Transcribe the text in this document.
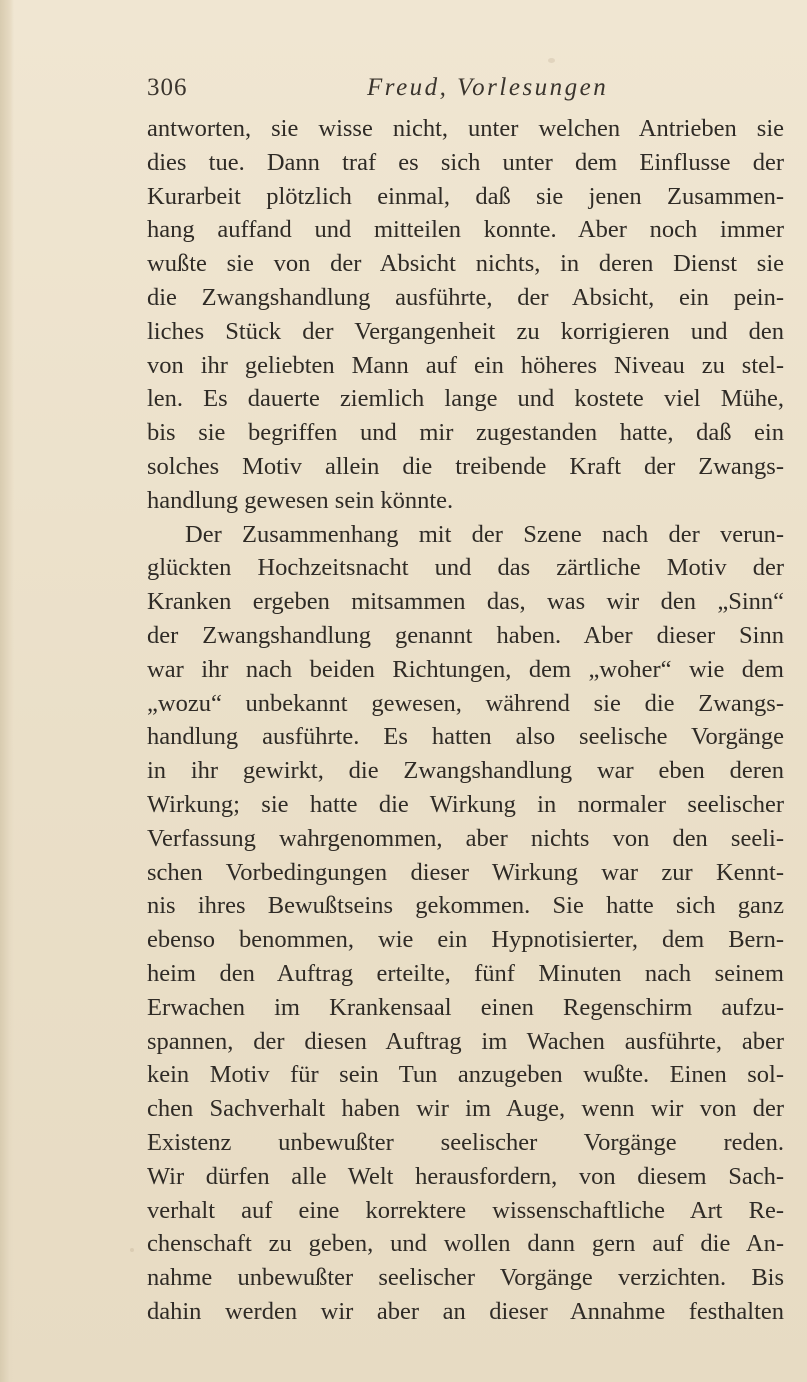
306	Freud, Vorlesungen
antworten, sie wisse nicht, unter welchen Antrieben sie
dies tue. Dann traf es sich unter dem Einflusse der
Kurarbeit plötzlich einmal, daß sie jenen Zusammen-
hang auffand und mitteilen konnte. Aber noch immer
wußte sie von der Absicht nichts, in deren Dienst sie
die Zwangshandlung ausführte, der Absicht, ein pein-
liches Stück der Vergangenheit zu korrigieren und den
von ihr geliebten Mann auf ein höheres Niveau zu stel-
len. Es dauerte ziemlich lange und kostete viel Mühe,
bis sie begriffen und mir zugestanden hatte, daß ein
solches Motiv allein die treibende Kraft der Zwangs-
handlung gewesen sein könnte.
Der Zusammenhang mit der Szene nach der verun-
glückten Hochzeitsnacht und das zärtliche Motiv der
Kranken ergeben mitsammen das, was wir den „Sinn“
der Zwangshandlung genannt haben. Aber dieser Sinn
war ihr nach beiden Richtungen, dem „woher“ wie dem
„wozu“ unbekannt gewesen, während sie die Zwangs-
handlung ausführte. Es hatten also seelische Vorgänge
in ihr gewirkt, die Zwangshandlung war eben deren
Wirkung; sie hatte die Wirkung in normaler seelischer
Verfassung wahrgenommen, aber nichts von den seeli-
schen Vorbedingungen dieser Wirkung war zur Kennt-
nis ihres Bewußtseins gekommen. Sie hatte sich ganz
ebenso benommen, wie ein Hypnotisierter, dem Bern-
heim den Auftrag erteilte, fünf Minuten nach seinem
Erwachen im Krankensaal einen Regenschirm aufzu-
spannen, der diesen Auftrag im Wachen ausführte, aber
kein Motiv für sein Tun anzugeben wußte. Einen sol-
chen Sachverhalt haben wir im Auge, wenn wir von der
Existenz unbewußter seelischer Vorgänge reden.
Wir dürfen alle Welt herausfordern, von diesem Sach-
verhalt auf eine korrektere wissenschaftliche Art Re-
chenschaft zu geben, und wollen dann gern auf die An-
nahme unbewußter seelischer Vorgänge verzichten. Bis
dahin werden wir aber an dieser Annahme festhalten
